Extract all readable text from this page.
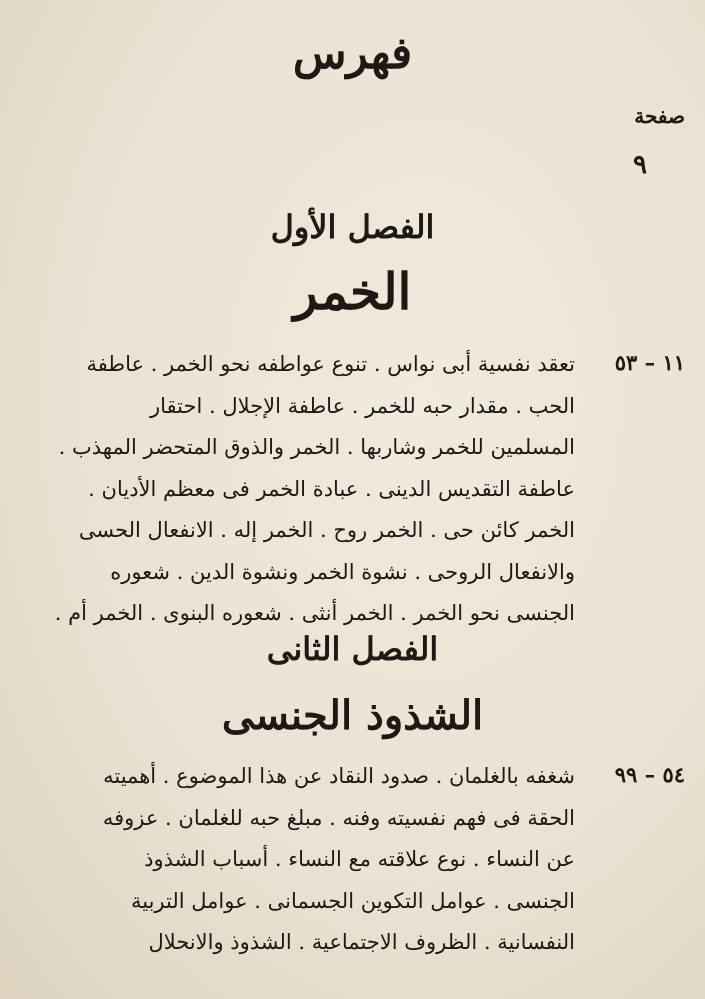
فهرس
صفحة
٩
الفصل الأول
الخمر
١١ – ٥٣
تعقد نفسية أبى نواس . تنوع عواطفه نحو الخمر . عاطفة
الحب . مقدار حبه للخمر . عاطفة الإجلال . احتقار
المسلمين للخمر وشاربها . الخمر والذوق المتحضر المهذب .
عاطفة التقديس الدينى . عبادة الخمر فى معظم الأديان .
الخمر كائن حى . الخمر روح . الخمر إله . الانفعال الحسى
والانفعال الروحى . نشوة الخمر ونشوة الدين . شعوره
الجنسى نحو الخمر . الخمر أنثى . شعوره البنوى . الخمر أم .
الفصل الثانى
الشذوذ الجنسى
٥٤ – ٩٩
شغفه بالغلمان . صدود النقاد عن هذا الموضوع . أهميته
الحقة فى فهم نفسيته وفنه . مبلغ حبه للغلمان . عزوفه
عن النساء . نوع علاقته مع النساء . أسباب الشذوذ
الجنسى . عوامل التكوين الجسمانى . عوامل التربية
النفسانية . الظروف الاجتماعية . الشذوذ والانحلال
